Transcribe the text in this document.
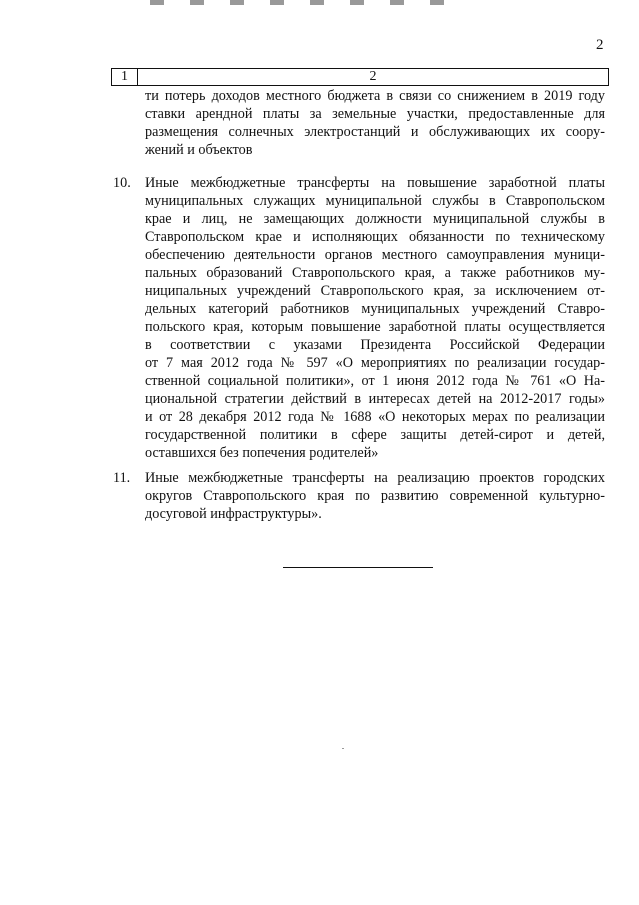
2
1	2
ти потерь доходов местного бюджета в связи со снижением в 2019 году
ставки арендной платы за земельные участки, предоставленные для
размещения солнечных электростанций и обслуживающих их соору-
жений и объектов
10. Иные межбюджетные трансферты на повышение заработной платы
муниципальных служащих муниципальной службы в Ставропольском
крае и лиц, не замещающих должности муниципальной службы в
Ставропольском крае и исполняющих обязанности по техническому
обеспечению деятельности органов местного самоуправления муници-
пальных образований Ставропольского края, а также работников му-
ниципальных учреждений Ставропольского края, за исключением от-
дельных категорий работников муниципальных учреждений Ставро-
польского края, которым повышение заработной платы осуществляется
в соответствии с указами Президента Российской Федерации
от 7 мая 2012 года № 597 «О мероприятиях по реализации государ-
ственной социальной политики», от 1 июня 2012 года № 761 «О На-
циональной стратегии действий в интересах детей на 2012-2017 годы»
и от 28 декабря 2012 года № 1688 «О некоторых мерах по реализации
государственной политики в сфере защиты детей-сирот и детей,
оставшихся без попечения родителей»
11. Иные межбюджетные трансферты на реализацию проектов городских
округов Ставропольского края по развитию современной культурно-
досуговой инфраструктуры».
